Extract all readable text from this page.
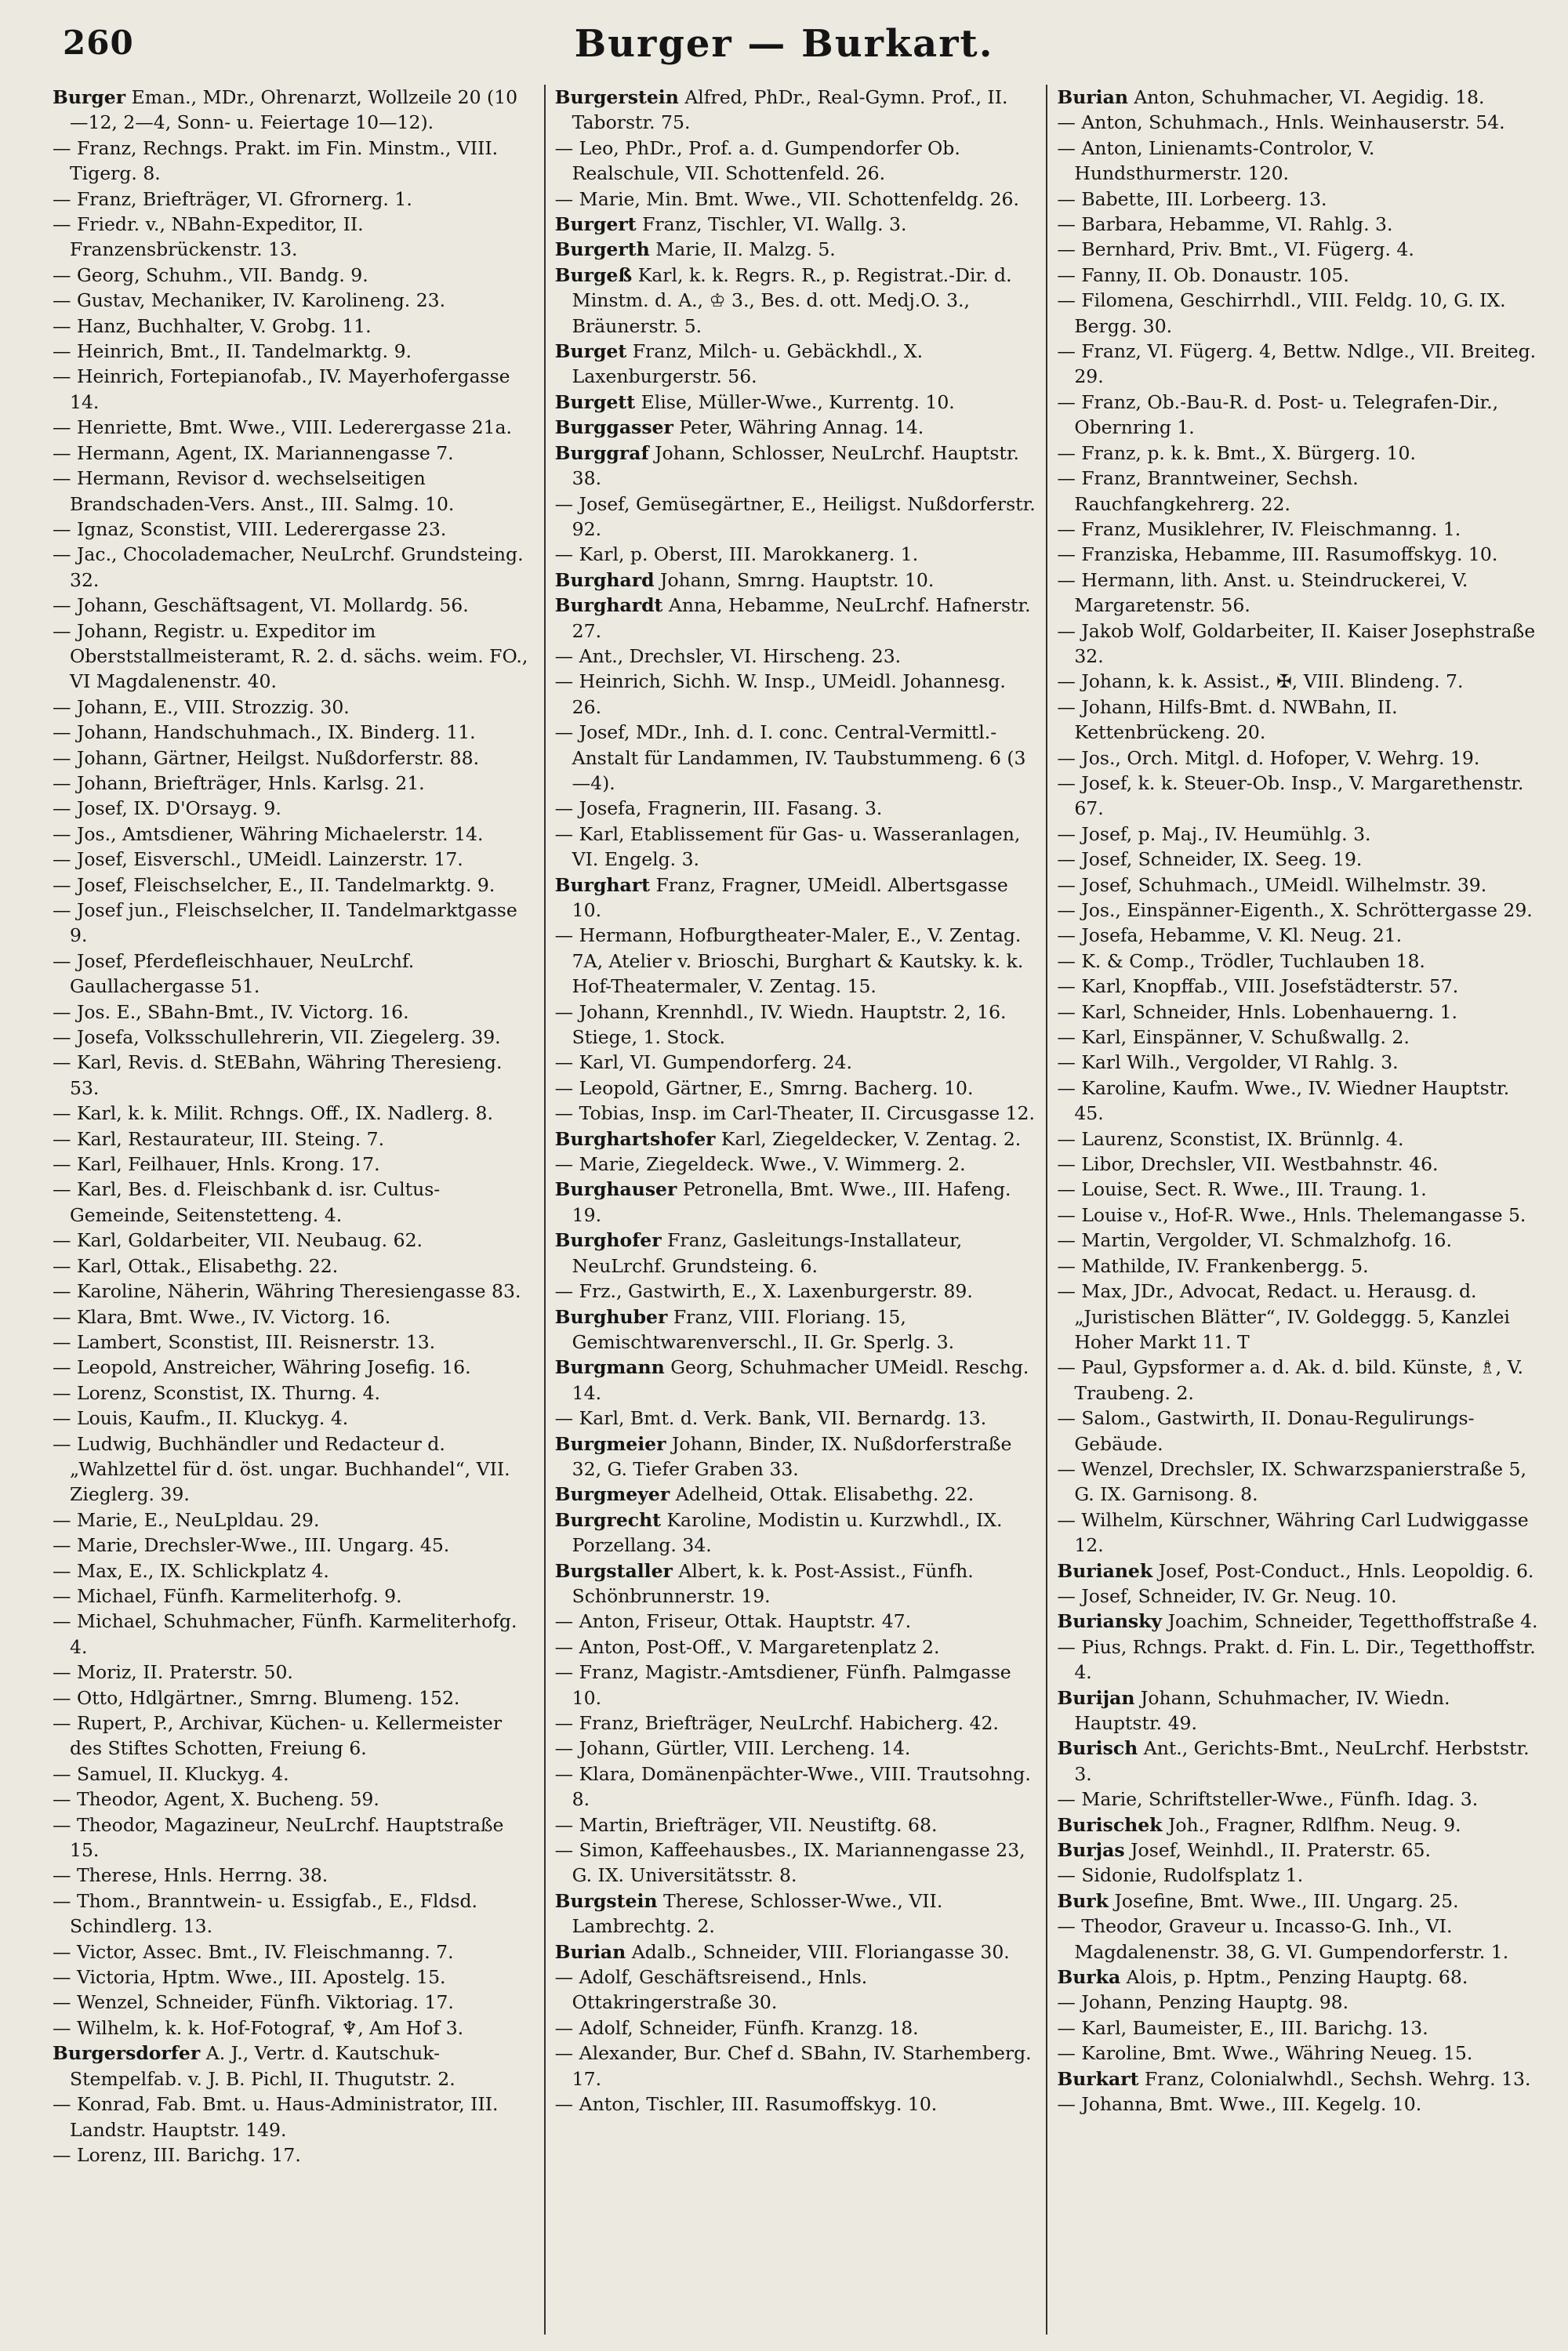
260	Burger — Burkart.

Burger Eman., MDr., Ohrenarzt, Wollzeile 20 (10—12, 2—4, Sonn- u. Feiertage 10—12).

— Franz, Rechngs. Prakt. im Fin. Minstm., VIII. Tigerg. 8.

— Franz, Briefträger, VI. Gfrornerg. 1.

— Friedr. v., NBahn-Expeditor, II. Franzensbrückenstr. 13.

— Georg, Schuhm., VII. Bandg. 9.

— Gustav, Mechaniker, IV. Karolineng. 23.

— Hanz, Buchhalter, V. Grobg. 11.

— Heinrich, Bmt., II. Tandelmarktg. 9.

— Heinrich, Fortepianofab., IV. Mayerhofergasse 14.

— Henriette, Bmt. Wwe., VIII. Lederergasse 21a.

— Hermann, Agent, IX. Mariannengasse 7.

— Hermann, Revisor d. wechselseitigen Brandschaden-Vers. Anst., III. Salmg. 10.

— Ignaz, Sconstist, VIII. Lederergasse 23.

— Jac., Chocolademacher, NeuLrchf. Grundsteing. 32.

— Johann, Geschäftsagent, VI. Mollardg. 56.

— Johann, Registr. u. Expeditor im Oberststallmeisteramt, R. 2. d. sächs. weim. FO., VI Magdalenenstr. 40.

— Johann, E., VIII. Strozzig. 30.

— Johann, Handschuhmach., IX. Binderg. 11.

— Johann, Gärtner, Heilgst. Nußdorferstr. 88.

— Johann, Briefträger, Hnls. Karlsg. 21.

— Josef, IX. D'Orsayg. 9.

— Jos., Amtsdiener, Währing Michaelerstr. 14.

— Josef, Eisverschl., UMeidl. Lainzerstr. 17.

— Josef, Fleischselcher, E., II. Tandelmarktg. 9.

— Josef jun., Fleischselcher, II. Tandelmarktgasse 9.

— Josef, Pferdefleischhauer, NeuLrchf. Gaullachergasse 51.

— Jos. E., SBahn-Bmt., IV. Victorg. 16.

— Josefa, Volksschullehrerin, VII. Ziegelerg. 39.

— Karl, Revis. d. StEBahn, Währing Theresieng. 53.

— Karl, k. k. Milit. Rchngs. Off., IX. Nadlerg. 8.

— Karl, Restaurateur, III. Steing. 7.

— Karl, Feilhauer, Hnls. Krong. 17.

— Karl, Bes. d. Fleischbank d. isr. Cultus-Gemeinde, Seitenstetteng. 4.

— Karl, Goldarbeiter, VII. Neubaug. 62.

— Karl, Ottak., Elisabethg. 22.

— Karoline, Näherin, Währing Theresiengasse 83.

— Klara, Bmt. Wwe., IV. Victorg. 16.

— Lambert, Sconstist, III. Reisnerstr. 13.

— Leopold, Anstreicher, Währing Josefig. 16.

— Lorenz, Sconstist, IX. Thurng. 4.

— Louis, Kaufm., II. Kluckyg. 4.

— Ludwig, Buchhändler und Redacteur d. „Wahlzettel für d. öst. ungar. Buchhandel“, VII. Zieglerg. 39.

— Marie, E., NeuLpldau. 29.

— Marie, Drechsler-Wwe., III. Ungarg. 45.

— Max, E., IX. Schlickplatz 4.

— Michael, Fünfh. Karmeliterhofg. 9.

— Michael, Schuhmacher, Fünfh. Karmeliterhofg. 4.

— Moriz, II. Praterstr. 50.

— Otto, Hdlgärtner., Smrng. Blumeng. 152.

— Rupert, P., Archivar, Küchen- u. Kellermeister des Stiftes Schotten, Freiung 6.

— Samuel, II. Kluckyg. 4.

— Theodor, Agent, X. Bucheng. 59.

— Theodor, Magazineur, NeuLrchf. Hauptstraße 15.

— Therese, Hnls. Herrng. 38.

— Thom., Branntwein- u. Essigfab., E., Fldsd. Schindlerg. 13.

— Victor, Assec. Bmt., IV. Fleischmanng. 7.

— Victoria, Hptm. Wwe., III. Apostelg. 15.

— Wenzel, Schneider, Fünfh. Viktoriag. 17.

— Wilhelm, k. k. Hof-Fotograf, ♆, Am Hof 3.

Burgersdorfer A. J., Vertr. d. Kautschuk-Stempelfab. v. J. B. Pichl, II. Thugutstr. 2.

— Konrad, Fab. Bmt. u. Haus-Administrator, III. Landstr. Hauptstr. 149.

— Lorenz, III. Barichg. 17.

Burgerstein Alfred, PhDr., Real-Gymn. Prof., II. Taborstr. 75.

— Leo, PhDr., Prof. a. d. Gumpendorfer Ob. Realschule, VII. Schottenfeld. 26.

— Marie, Min. Bmt. Wwe., VII. Schottenfeldg. 26.

Burgert Franz, Tischler, VI. Wallg. 3.

Burgerth Marie, II. Malzg. 5.

Burgeß Karl, k. k. Regrs. R., p. Registrat.-Dir. d. Minstm. d. A., ♔ 3., Bes. d. ott. Medj.O. 3., Bräunerstr. 5.

Burget Franz, Milch- u. Gebäckhdl., X. Laxenburgerstr. 56.

Burgett Elise, Müller-Wwe., Kurrentg. 10.

Burggasser Peter, Währing Annag. 14.

Burggraf Johann, Schlosser, NeuLrchf. Hauptstr. 38.

— Josef, Gemüsegärtner, E., Heiligst. Nußdorferstr. 92.

— Karl, p. Oberst, III. Marokkanerg. 1.

Burghard Johann, Smrng. Hauptstr. 10.

Burghardt Anna, Hebamme, NeuLrchf. Hafnerstr. 27.

— Ant., Drechsler, VI. Hirscheng. 23.

— Heinrich, Sichh. W. Insp., UMeidl. Johannesg. 26.

— Josef, MDr., Inh. d. I. conc. Central-Vermittl.-Anstalt für Landammen, IV. Taubstummeng. 6 (3—4).

— Josefa, Fragnerin, III. Fasang. 3.

— Karl, Etablissement für Gas- u. Wasseranlagen, VI. Engelg. 3.

Burghart Franz, Fragner, UMeidl. Albertsgasse 10.

— Hermann, Hofburgtheater-Maler, E., V. Zentag. 7A, Atelier v. Brioschi, Burghart & Kautsky. k. k. Hof-Theatermaler, V. Zentag. 15.

— Johann, Krennhdl., IV. Wiedn. Hauptstr. 2, 16. Stiege, 1. Stock.

— Karl, VI. Gumpendorferg. 24.

— Leopold, Gärtner, E., Smrng. Bacherg. 10.

— Tobias, Insp. im Carl-Theater, II. Circusgasse 12.

Burghartshofer Karl, Ziegeldecker, V. Zentag. 2.

— Marie, Ziegeldeck. Wwe., V. Wimmerg. 2.

Burghauser Petronella, Bmt. Wwe., III. Hafeng. 19.

Burghofer Franz, Gasleitungs-Installateur, NeuLrchf. Grundsteing. 6.

— Frz., Gastwirth, E., X. Laxenburgerstr. 89.

Burghuber Franz, VIII. Floriang. 15, Gemischtwarenverschl., II. Gr. Sperlg. 3.

Burgmann Georg, Schuhmacher UMeidl. Reschg. 14.

— Karl, Bmt. d. Verk. Bank, VII. Bernardg. 13.

Burgmeier Johann, Binder, IX. Nußdorferstraße 32, G. Tiefer Graben 33.

Burgmeyer Adelheid, Ottak. Elisabethg. 22.

Burgrecht Karoline, Modistin u. Kurzwhdl., IX. Porzellang. 34.

Burgstaller Albert, k. k. Post-Assist., Fünfh. Schönbrunnerstr. 19.

— Anton, Friseur, Ottak. Hauptstr. 47.

— Anton, Post-Off., V. Margaretenplatz 2.

— Franz, Magistr.-Amtsdiener, Fünfh. Palmgasse 10.

— Franz, Briefträger, NeuLrchf. Habicherg. 42.

— Johann, Gürtler, VIII. Lercheng. 14.

— Klara, Domänenpächter-Wwe., VIII. Trautsohng. 8.

— Martin, Briefträger, VII. Neustiftg. 68.

— Simon, Kaffeehausbes., IX. Mariannengasse 23, G. IX. Universitätsstr. 8.

Burgstein Therese, Schlosser-Wwe., VII. Lambrechtg. 2.

Burian Adalb., Schneider, VIII. Floriangasse 30.

— Adolf, Geschäftsreisend., Hnls. Ottakringerstraße 30.

— Adolf, Schneider, Fünfh. Kranzg. 18.

— Alexander, Bur. Chef d. SBahn, IV. Starhemberg. 17.

— Anton, Tischler, III. Rasumoffskyg. 10.

Burian Anton, Schuhmacher, VI. Aegidig. 18.

— Anton, Schuhmach., Hnls. Weinhauserstr. 54.

— Anton, Linienamts-Controlor, V. Hundsthurmerstr. 120.

— Babette, III. Lorbeerg. 13.

— Barbara, Hebamme, VI. Rahlg. 3.

— Bernhard, Priv. Bmt., VI. Fügerg. 4.

— Fanny, II. Ob. Donaustr. 105.

— Filomena, Geschirrhdl., VIII. Feldg. 10, G. IX. Bergg. 30.

— Franz, VI. Fügerg. 4, Bettw. Ndlge., VII. Breiteg. 29.

— Franz, Ob.-Bau-R. d. Post- u. Telegrafen-Dir., Obernring 1.

— Franz, p. k. k. Bmt., X. Bürgerg. 10.

— Franz, Branntweiner, Sechsh. Rauchfangkehrerg. 22.

— Franz, Musiklehrer, IV. Fleischmanng. 1.

— Franziska, Hebamme, III. Rasumoffskyg. 10.

— Hermann, lith. Anst. u. Steindruckerei, V. Margaretenstr. 56.

— Jakob Wolf, Goldarbeiter, II. Kaiser Josephstraße 32.

— Johann, k. k. Assist., ✠, VIII. Blindeng. 7.

— Johann, Hilfs-Bmt. d. NWBahn, II. Kettenbrückeng. 20.

— Jos., Orch. Mitgl. d. Hofoper, V. Wehrg. 19.

— Josef, k. k. Steuer-Ob. Insp., V. Margarethenstr. 67.

— Josef, p. Maj., IV. Heumühlg. 3.

— Josef, Schneider, IX. Seeg. 19.

— Josef, Schuhmach., UMeidl. Wilhelmstr. 39.

— Jos., Einspänner-Eigenth., X. Schröttergasse 29.

— Josefa, Hebamme, V. Kl. Neug. 21.

— K. & Comp., Trödler, Tuchlauben 18.

— Karl, Knopffab., VIII. Josefstädterstr. 57.

— Karl, Schneider, Hnls. Lobenhauerng. 1.

— Karl, Einspänner, V. Schußwallg. 2.

— Karl Wilh., Vergolder, VI Rahlg. 3.

— Karoline, Kaufm. Wwe., IV. Wiedner Hauptstr. 45.

— Laurenz, Sconstist, IX. Brünnlg. 4.

— Libor, Drechsler, VII. Westbahnstr. 46.

— Louise, Sect. R. Wwe., III. Traung. 1.

— Louise v., Hof-R. Wwe., Hnls. Thelemangasse 5.

— Martin, Vergolder, VI. Schmalzhofg. 16.

— Mathilde, IV. Frankenbergg. 5.

— Max, JDr., Advocat, Redact. u. Herausg. d. „Juristischen Blätter“, IV. Goldeggg. 5, Kanzlei Hoher Markt 11. T

— Paul, Gypsformer a. d. Ak. d. bild. Künste, ♗, V. Traubeng. 2.

— Salom., Gastwirth, II. Donau-Regulirungs-Gebäude.

— Wenzel, Drechsler, IX. Schwarzspanierstraße 5, G. IX. Garnisong. 8.

— Wilhelm, Kürschner, Währing Carl Ludwiggasse 12.

Burianek Josef, Post-Conduct., Hnls. Leopoldig. 6.

— Josef, Schneider, IV. Gr. Neug. 10.

Buriansky Joachim, Schneider, Tegetthoffstraße 4.

— Pius, Rchngs. Prakt. d. Fin. L. Dir., Tegetthoffstr. 4.

Burijan Johann, Schuhmacher, IV. Wiedn. Hauptstr. 49.

Burisch Ant., Gerichts-Bmt., NeuLrchf. Herbststr. 3.

— Marie, Schriftsteller-Wwe., Fünfh. Idag. 3.

Burischek Joh., Fragner, Rdlfhm. Neug. 9.

Burjas Josef, Weinhdl., II. Praterstr. 65.

— Sidonie, Rudolfsplatz 1.

Burk Josefine, Bmt. Wwe., III. Ungarg. 25.

— Theodor, Graveur u. Incasso-G. Inh., VI. Magdalenenstr. 38, G. VI. Gumpendorferstr. 1.

Burka Alois, p. Hptm., Penzing Hauptg. 68.

— Johann, Penzing Hauptg. 98.

— Karl, Baumeister, E., III. Barichg. 13.

— Karoline, Bmt. Wwe., Währing Neueg. 15.

Burkart Franz, Colonialwhdl., Sechsh. Wehrg. 13.

— Johanna, Bmt. Wwe., III. Kegelg. 10.
